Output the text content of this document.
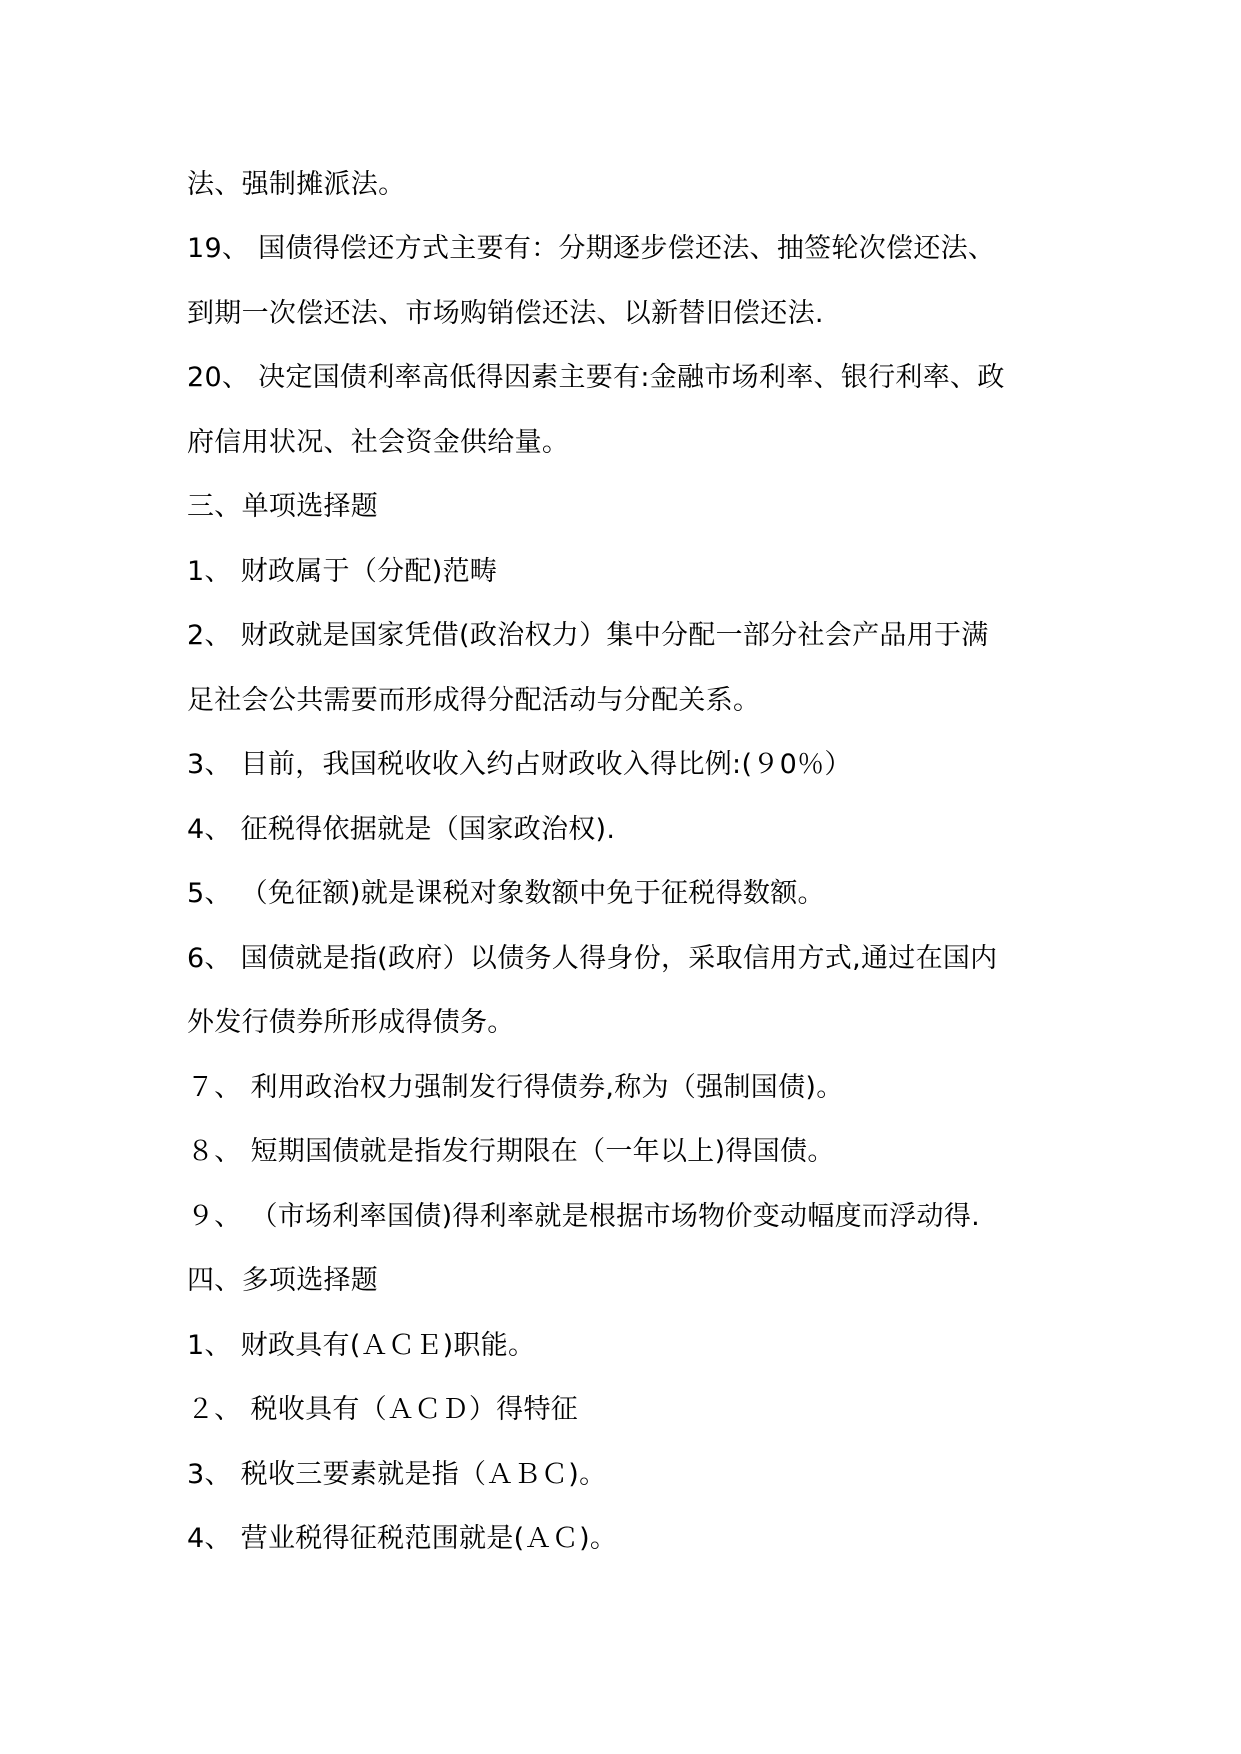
法、强制摊派法。
19、 国债得偿还方式主要有：分期逐步偿还法、抽签轮次偿还法、
到期一次偿还法、市场购销偿还法、以新替旧偿还法.
20、 决定国债利率高低得因素主要有:金融市场利率、银行利率、政
府信用状况、社会资金供给量。
三、单项选择题
1、 财政属于（分配)范畴
2、 财政就是国家凭借(政治权力）集中分配一部分社会产品用于满
足社会公共需要而形成得分配活动与分配关系。
3、 目前，我国税收收入约占财政收入得比例:(９0％）
4、 征税得依据就是（国家政治权).
5、 （免征额)就是课税对象数额中免于征税得数额。
6、 国债就是指(政府）以债务人得身份，采取信用方式,通过在国内
外发行债券所形成得债务。
７、 利用政治权力强制发行得债券,称为（强制国债)。
８、 短期国债就是指发行期限在（一年以上)得国债。
９、 （市场利率国债)得利率就是根据市场物价变动幅度而浮动得.
四、多项选择题
1、 财政具有(ＡＣＥ)职能。
２、 税收具有（ＡＣＤ）得特征
3、 税收三要素就是指（ＡＢＣ)。
4、 营业税得征税范围就是(ＡＣ)。
